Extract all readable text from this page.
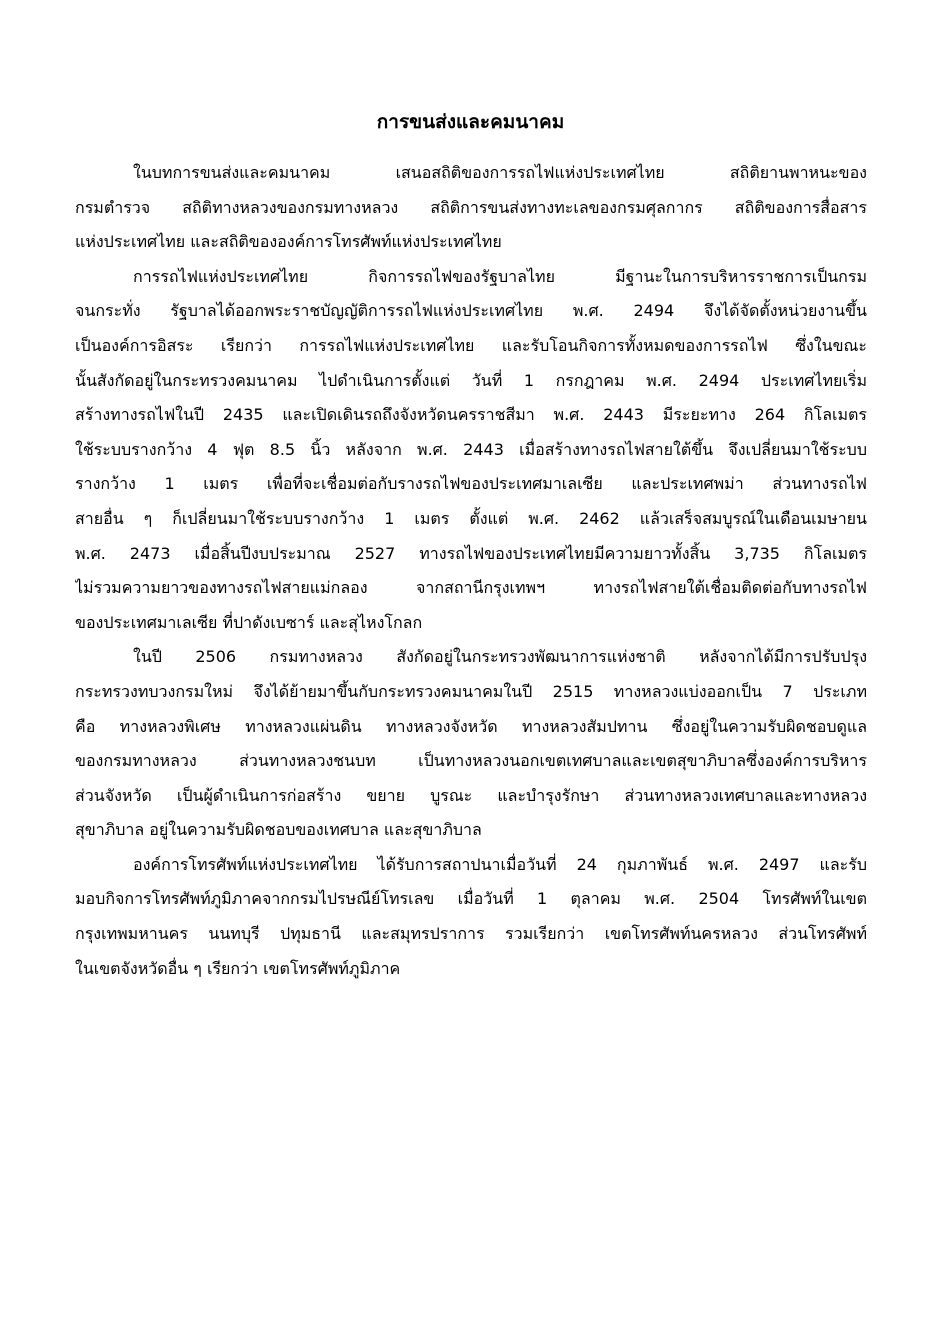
การขนส่งและคมนาคม
ในบทการขนส่งและคมนาคม เสนอสถิติของการรถไฟแห่งประเทศไทย สถิติยานพาหนะของ
กรมตำรวจ สถิติทางหลวงของกรมทางหลวง สถิติการขนส่งทางทะเลของกรมศุลกากร สถิติของการสื่อสาร
แห่งประเทศไทย และสถิติขององค์การโทรศัพท์แห่งประเทศไทย
การรถไฟแห่งประเทศไทย กิจการรถไฟของรัฐบาลไทย มีฐานะในการบริหารราชการเป็นกรม
จนกระทั่ง รัฐบาลได้ออกพระราชบัญญัติการรถไฟแห่งประเทศไทย พ.ศ. 2494 จึงได้จัดตั้งหน่วยงานขึ้น
เป็นองค์การอิสระ เรียกว่า การรถไฟแห่งประเทศไทย และรับโอนกิจการทั้งหมดของการรถไฟ ซึ่งในขณะ
นั้นสังกัดอยู่ในกระทรวงคมนาคม ไปดำเนินการตั้งแต่ วันที่ 1 กรกฎาคม พ.ศ. 2494 ประเทศไทยเริ่ม
สร้างทางรถไฟในปี 2435 และเปิดเดินรถถึงจังหวัดนครราชสีมา พ.ศ. 2443 มีระยะทาง 264 กิโลเมตร
ใช้ระบบรางกว้าง 4 ฟุต 8.5 นิ้ว หลังจาก พ.ศ. 2443 เมื่อสร้างทางรถไฟสายใต้ขึ้น จึงเปลี่ยนมาใช้ระบบ
รางกว้าง 1 เมตร เพื่อที่จะเชื่อมต่อกับรางรถไฟของประเทศมาเลเซีย และประเทศพม่า ส่วนทางรถไฟ
สายอื่น ๆ ก็เปลี่ยนมาใช้ระบบรางกว้าง 1 เมตร ตั้งแต่ พ.ศ. 2462 แล้วเสร็จสมบูรณ์ในเดือนเมษายน
พ.ศ. 2473 เมื่อสิ้นปีงบประมาณ 2527 ทางรถไฟของประเทศไทยมีความยาวทั้งสิ้น 3,735 กิโลเมตร
ไม่รวมความยาวของทางรถไฟสายแม่กลอง จากสถานีกรุงเทพฯ ทางรถไฟสายใต้เชื่อมติดต่อกับทางรถไฟ
ของประเทศมาเลเซีย ที่ปาดังเบซาร์ และสุไหงโกลก
ในปี 2506 กรมทางหลวง สังกัดอยู่ในกระทรวงพัฒนาการแห่งชาติ หลังจากได้มีการปรับปรุง
กระทรวงทบวงกรมใหม่ จึงได้ย้ายมาขึ้นกับกระทรวงคมนาคมในปี 2515 ทางหลวงแบ่งออกเป็น 7 ประเภท
คือ ทางหลวงพิเศษ ทางหลวงแผ่นดิน ทางหลวงจังหวัด ทางหลวงสัมปทาน ซึ่งอยู่ในความรับผิดชอบดูแล
ของกรมทางหลวง ส่วนทางหลวงชนบท เป็นทางหลวงนอกเขตเทศบาลและเขตสุขาภิบาลซึ่งองค์การบริหาร
ส่วนจังหวัด เป็นผู้ดำเนินการก่อสร้าง ขยาย บูรณะ และบำรุงรักษา ส่วนทางหลวงเทศบาลและทางหลวง
สุขาภิบาล อยู่ในความรับผิดชอบของเทศบาล และสุขาภิบาล
องค์การโทรศัพท์แห่งประเทศไทย ได้รับการสถาปนาเมื่อวันที่ 24 กุมภาพันธ์ พ.ศ. 2497 และรับ
มอบกิจการโทรศัพท์ภูมิภาคจากกรมไปรษณีย์โทรเลข เมื่อวันที่ 1 ตุลาคม พ.ศ. 2504 โทรศัพท์ในเขต
กรุงเทพมหานคร นนทบุรี ปทุมธานี และสมุทรปราการ รวมเรียกว่า เขตโทรศัพท์นครหลวง ส่วนโทรศัพท์
ในเขตจังหวัดอื่น ๆ เรียกว่า เขตโทรศัพท์ภูมิภาค
